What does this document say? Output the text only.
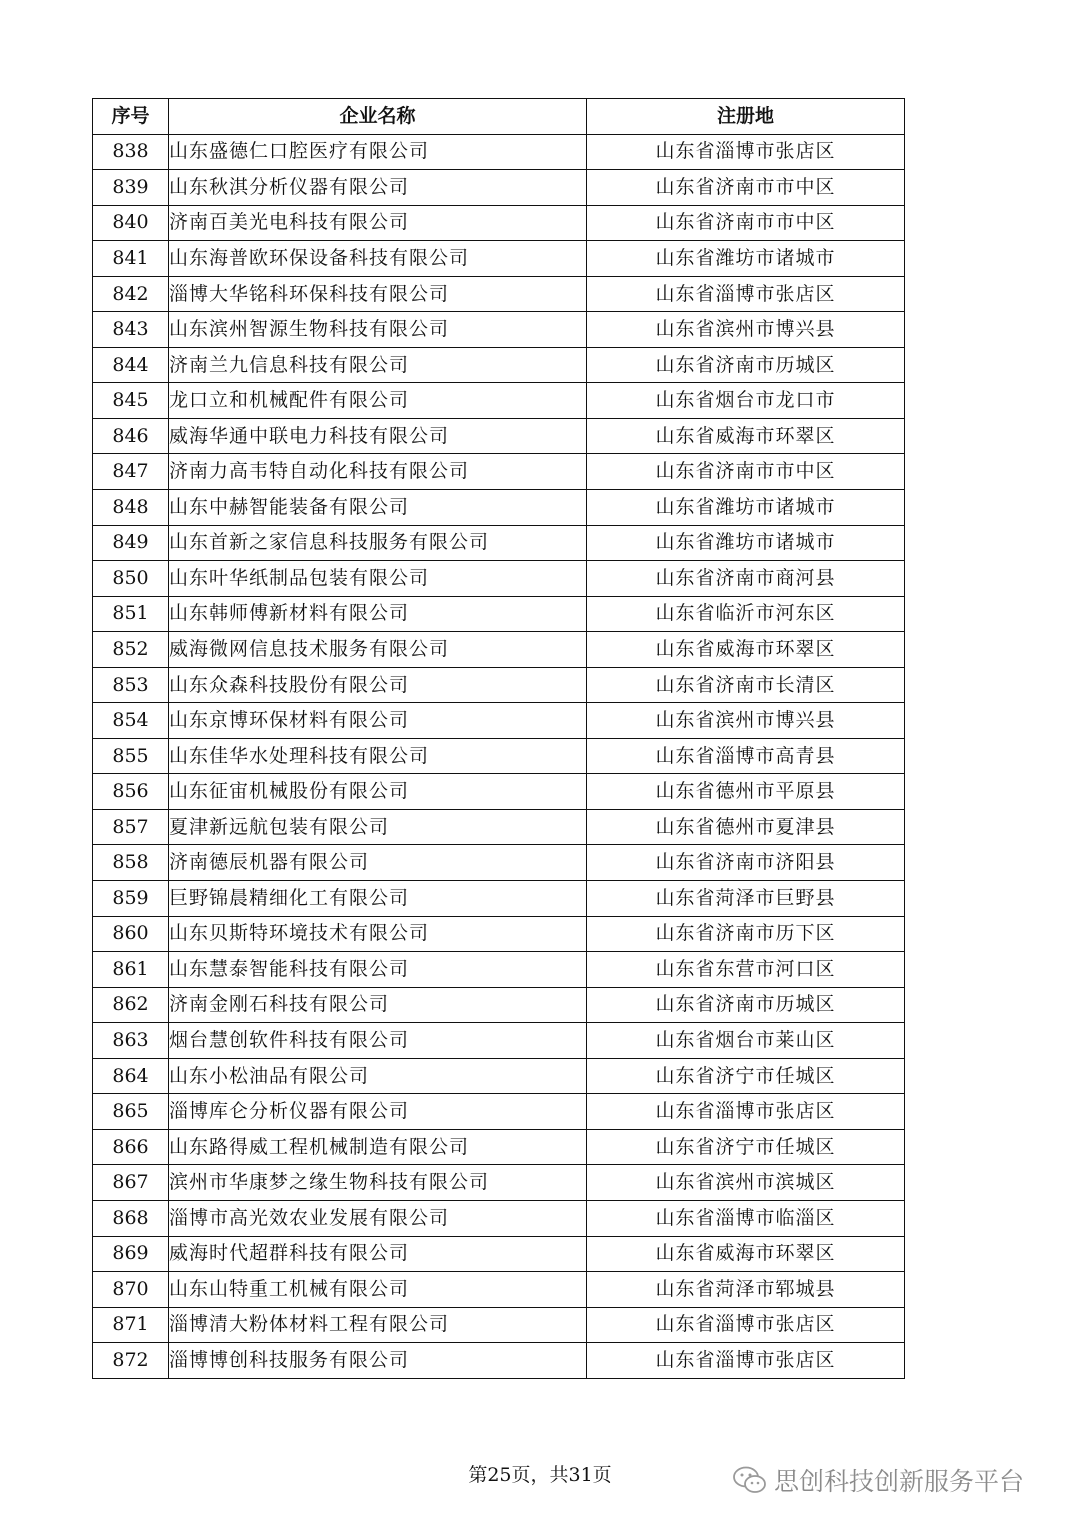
序号	企业名称	注册地
838	山东盛德仁口腔医疗有限公司	山东省淄博市张店区
839	山东秋淇分析仪器有限公司	山东省济南市市中区
840	济南百美光电科技有限公司	山东省济南市市中区
841	山东海普欧环保设备科技有限公司	山东省潍坊市诸城市
842	淄博大华铭科环保科技有限公司	山东省淄博市张店区
843	山东滨州智源生物科技有限公司	山东省滨州市博兴县
844	济南兰九信息科技有限公司	山东省济南市历城区
845	龙口立和机械配件有限公司	山东省烟台市龙口市
846	威海华通中联电力科技有限公司	山东省威海市环翠区
847	济南力高韦特自动化科技有限公司	山东省济南市市中区
848	山东中赫智能装备有限公司	山东省潍坊市诸城市
849	山东首新之家信息科技服务有限公司	山东省潍坊市诸城市
850	山东叶华纸制品包装有限公司	山东省济南市商河县
851	山东韩师傅新材料有限公司	山东省临沂市河东区
852	威海微网信息技术服务有限公司	山东省威海市环翠区
853	山东众森科技股份有限公司	山东省济南市长清区
854	山东京博环保材料有限公司	山东省滨州市博兴县
855	山东佳华水处理科技有限公司	山东省淄博市高青县
856	山东征宙机械股份有限公司	山东省德州市平原县
857	夏津新远航包装有限公司	山东省德州市夏津县
858	济南德辰机器有限公司	山东省济南市济阳县
859	巨野锦晨精细化工有限公司	山东省菏泽市巨野县
860	山东贝斯特环境技术有限公司	山东省济南市历下区
861	山东慧泰智能科技有限公司	山东省东营市河口区
862	济南金刚石科技有限公司	山东省济南市历城区
863	烟台慧创软件科技有限公司	山东省烟台市莱山区
864	山东小松油品有限公司	山东省济宁市任城区
865	淄博库仑分析仪器有限公司	山东省淄博市张店区
866	山东路得威工程机械制造有限公司	山东省济宁市任城区
867	滨州市华康梦之缘生物科技有限公司	山东省滨州市滨城区
868	淄博市高光效农业发展有限公司	山东省淄博市临淄区
869	威海时代超群科技有限公司	山东省威海市环翠区
870	山东山特重工机械有限公司	山东省菏泽市郓城县
871	淄博清大粉体材料工程有限公司	山东省淄博市张店区
872	淄博博创科技服务有限公司	山东省淄博市张店区
第25页，共31页	思创科技创新服务平台
